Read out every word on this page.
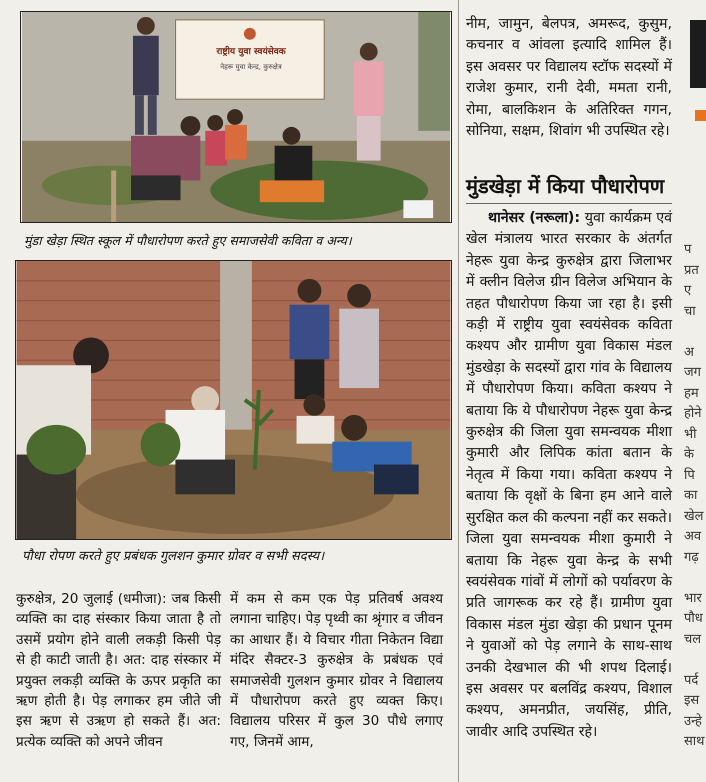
राष्ट्रीय युवा स्वयंसेवक
नेहरू युवा केन्द्र, कुरुक्षेत्र
मुंडा खेड़ा स्थित स्कूल में पौधारोपण करते हुए समाजसेवी कविता व अन्य।
पौधा रोपण करते हुए प्रबंधक गुलशन कुमार ग्रोवर व सभी सदस्य।

कुरुक्षेत्र, 20 जुलाई (धमीजा): जब किसी व्यक्ति का दाह संस्कार किया जाता है तो उसमें प्रयोग होने वाली लकड़ी किसी पेड़ से ही काटी जाती है। अत: दाह संस्कार में प्रयुक्त लकड़ी व्यक्ति के ऊपर प्रकृति का ऋण होती है। पेड़ लगाकर हम जीते जी इस ऋण से उऋण हो सकते हैं। अत: प्रत्येक व्यक्ति को अपने जीवन

में कम से कम एक पेड़ प्रतिवर्ष अवश्य लगाना चाहिए। पेड़ पृथ्वी का श्रृंगार व जीवन का आधार हैं। ये विचार गीता निकेतन विद्या मंदिर सैक्टर-3 कुरुक्षेत्र के प्रबंधक एवं समाजसेवी गुलशन कुमार ग्रोवर ने विद्यालय में पौधारोपण करते हुए व्यक्त किए। विद्यालय परिसर में कुल 30 पौधे लगाए गए, जिनमें आम,

नीम, जामुन, बेलपत्र, अमरूद, कुसुम, कचनार व आंवला इत्यादि शामिल हैं। इस अवसर पर विद्यालय स्टॉफ सदस्यों में राजेश कुमार, रानी देवी, ममता रानी, रोमा, बालकिशन के अतिरिक्त गगन, सोनिया, सक्षम, शिवांग भी उपस्थित रहे।

मुंडखेड़ा में किया पौधारोपण

थानेसर (नरूला): युवा कार्यक्रम एवं खेल मंत्रालय भारत सरकार के अंतर्गत नेहरू युवा केन्द्र कुरुक्षेत्र द्वारा जिलाभर में क्लीन विलेज ग्रीन विलेज अभियान के तहत पौधारोपण किया जा रहा है। इसी कड़ी में राष्ट्रीय युवा स्वयंसेवक कविता कश्यप और ग्रामीण युवा विकास मंडल मुंडखेड़ा के सदस्यों द्वारा गांव के विद्यालय में पौधारोपण किया। कविता कश्यप ने बताया कि ये पौधारोपण नेहरू युवा केन्द्र कुरुक्षेत्र की जिला युवा समन्वयक मीशा कुमारी और लिपिक कांता बतान के नेतृत्व में किया गया। कविता कश्यप ने बताया कि वृक्षों के बिना हम आने वाले सुरक्षित कल की कल्पना नहीं कर सकते। जिला युवा समन्वयक मीशा कुमारी ने बताया कि नेहरू युवा केन्द्र के सभी स्वयंसेवक गांवों में लोगों को पर्यावरण के प्रति जागरूक कर रहे हैं। ग्रामीण युवा विकास मंडल मुंडा खेड़ा की प्रधान पूनम ने युवाओं को पेड़ लगाने के साथ-साथ उनकी देखभाल की भी शपथ दिलाई। इस अवसर पर बलविंद्र कश्यप, विशाल कश्यप, अमनप्रीत, जयसिंह, प्रीति, जावीर आदि उपस्थित रहे।

प
प्रत
ए
चा
अ
जग
हम
होने
भी
के
पि
का
खेल
अव
गढ़
भार
पौध
चल
पर्द
इस
उन्हे
साथ
